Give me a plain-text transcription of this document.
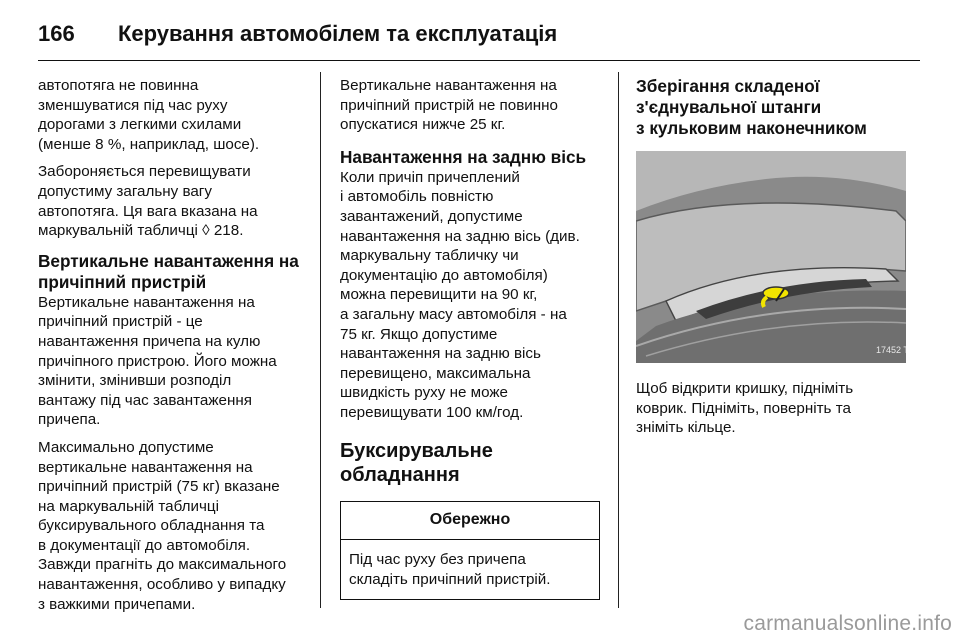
166	Керування автомобілем та експлуатація

автопотяга не повинна
зменшуватися під час руху
дорогами з легкими схилами
(менше 8 %, наприклад, шосе).

Забороняється перевищувати
допустиму загальну вагу
автопотяга. Ця вага вказана на
маркувальній табличці ◊ 218.

Вертикальне навантаження на
причіпний пристрій

Вертикальне навантаження на
причіпний пристрій - це
навантаження причепа на кулю
причіпного пристрою. Його можна
змінити, змінивши розподіл
вантажу під час завантаження
причепа.

Максимально допустиме
вертикальне навантаження на
причіпний пристрій (75 кг) вказане
на маркувальній табличці
буксирувального обладнання та
в документації до автомобіля.
Завжди прагніть до максимального
навантаження, особливо у випадку
з важкими причепами.

Вертикальне навантаження на
причіпний пристрій не повинно
опускатися нижче 25 кг.

Навантаження на задню вісь

Коли причіп причеплений
і автомобіль повністю
завантажений, допустиме
навантаження на задню вісь (див.
маркувальну табличку чи
документацію до автомобіля)
можна перевищити на 90 кг,
а загальну масу автомобіля - на
75 кг. Якщо допустиме
навантаження на задню вісь
перевищено, максимальна
швидкість руху не може
перевищувати 100 км/год.

Буксирувальне обладнання
Обережно
Під час руху без причепа
складіть причіпний пристрій.
Зберігання складеної
з'єднувальної штанги
з кульковим наконечником
17452 T

Щоб відкрити кришку, підніміть
коврик. Підніміть, поверніть та
зніміть кільце.

carmanualsonline.info
